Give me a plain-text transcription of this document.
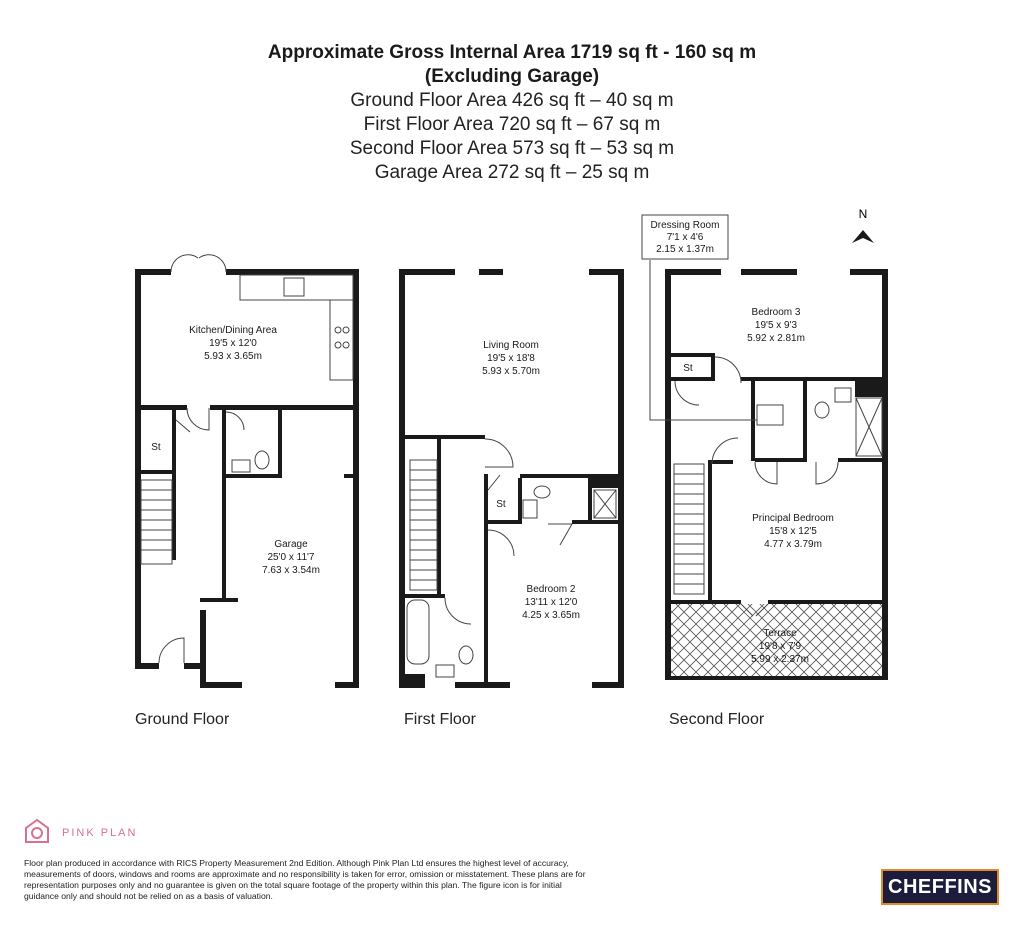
Approximate Gross Internal Area 1719 sq ft - 160 sq m
(Excluding Garage)
Ground Floor Area 426 sq ft – 40 sq m
First Floor Area 720 sq ft – 67 sq m
Second Floor Area 573 sq ft – 53 sq m
Garage Area 272 sq ft – 25 sq m
Kitchen/Dining Area
19'5 x 12'0
5.93 x 3.65m
St
Garage
25'0 x 11'7
7.63 x 3.54m
Living Room
19'5 x 18'8
5.93 x 5.70m
St
Bedroom 2
13'11 x 12'0
4.25 x 3.65m
Dressing Room
7'1 x 4'6
2.15 x 1.37m
Bedroom 3
19'5 x 9'3
5.92 x 2.81m
St
Principal Bedroom
15'8 x 12'5
4.77 x 3.79m
Terrace
19'8 x 7'9
5.99 x 2.37m
N
Ground Floor	First Floor	Second Floor
PINK PLAN
Floor plan produced in accordance with RICS Property Measurement 2nd Edition. Although Pink Plan Ltd ensures the highest level of accuracy, measurements of doors, windows and rooms are approximate and no responsibility is taken for error, omission or misstatement. These plans are for representation purposes only and no guarantee is given on the total square footage of the property within this plan. The figure icon is for initial guidance only and should not be relied on as a basis of valuation.	CHEFFINS
